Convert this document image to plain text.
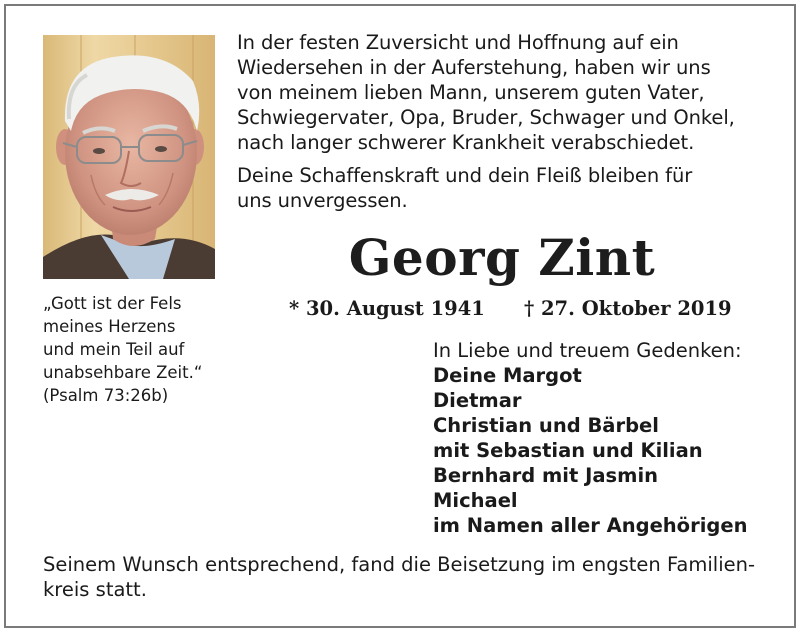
In der festen Zuversicht und Hoffnung auf ein

Wiedersehen in der Auferstehung, haben wir uns

von meinem lieben Mann, unserem guten Vater,

Schwiegervater, Opa, Bruder, Schwager und Onkel,

nach langer schwerer Krankheit verabschiedet.

Deine Schaffenskraft und dein Fleiß bleiben für

uns unvergessen.

Georg Zint
* 30. August 1941 † 27. Oktober 2019
„Gott ist der Fels
meines Herzens
und mein Teil auf
unabsehbare Zeit.“
(Psalm 73:26b)
In Liebe und treuem Gedenken:
Deine Margot
Dietmar
Christian und Bärbel
mit Sebastian und Kilian
Bernhard mit Jasmin
Michael
im Namen aller Angehörigen
Seinem Wunsch entsprechend, fand die Beisetzung im engsten Familien-
kreis statt.
